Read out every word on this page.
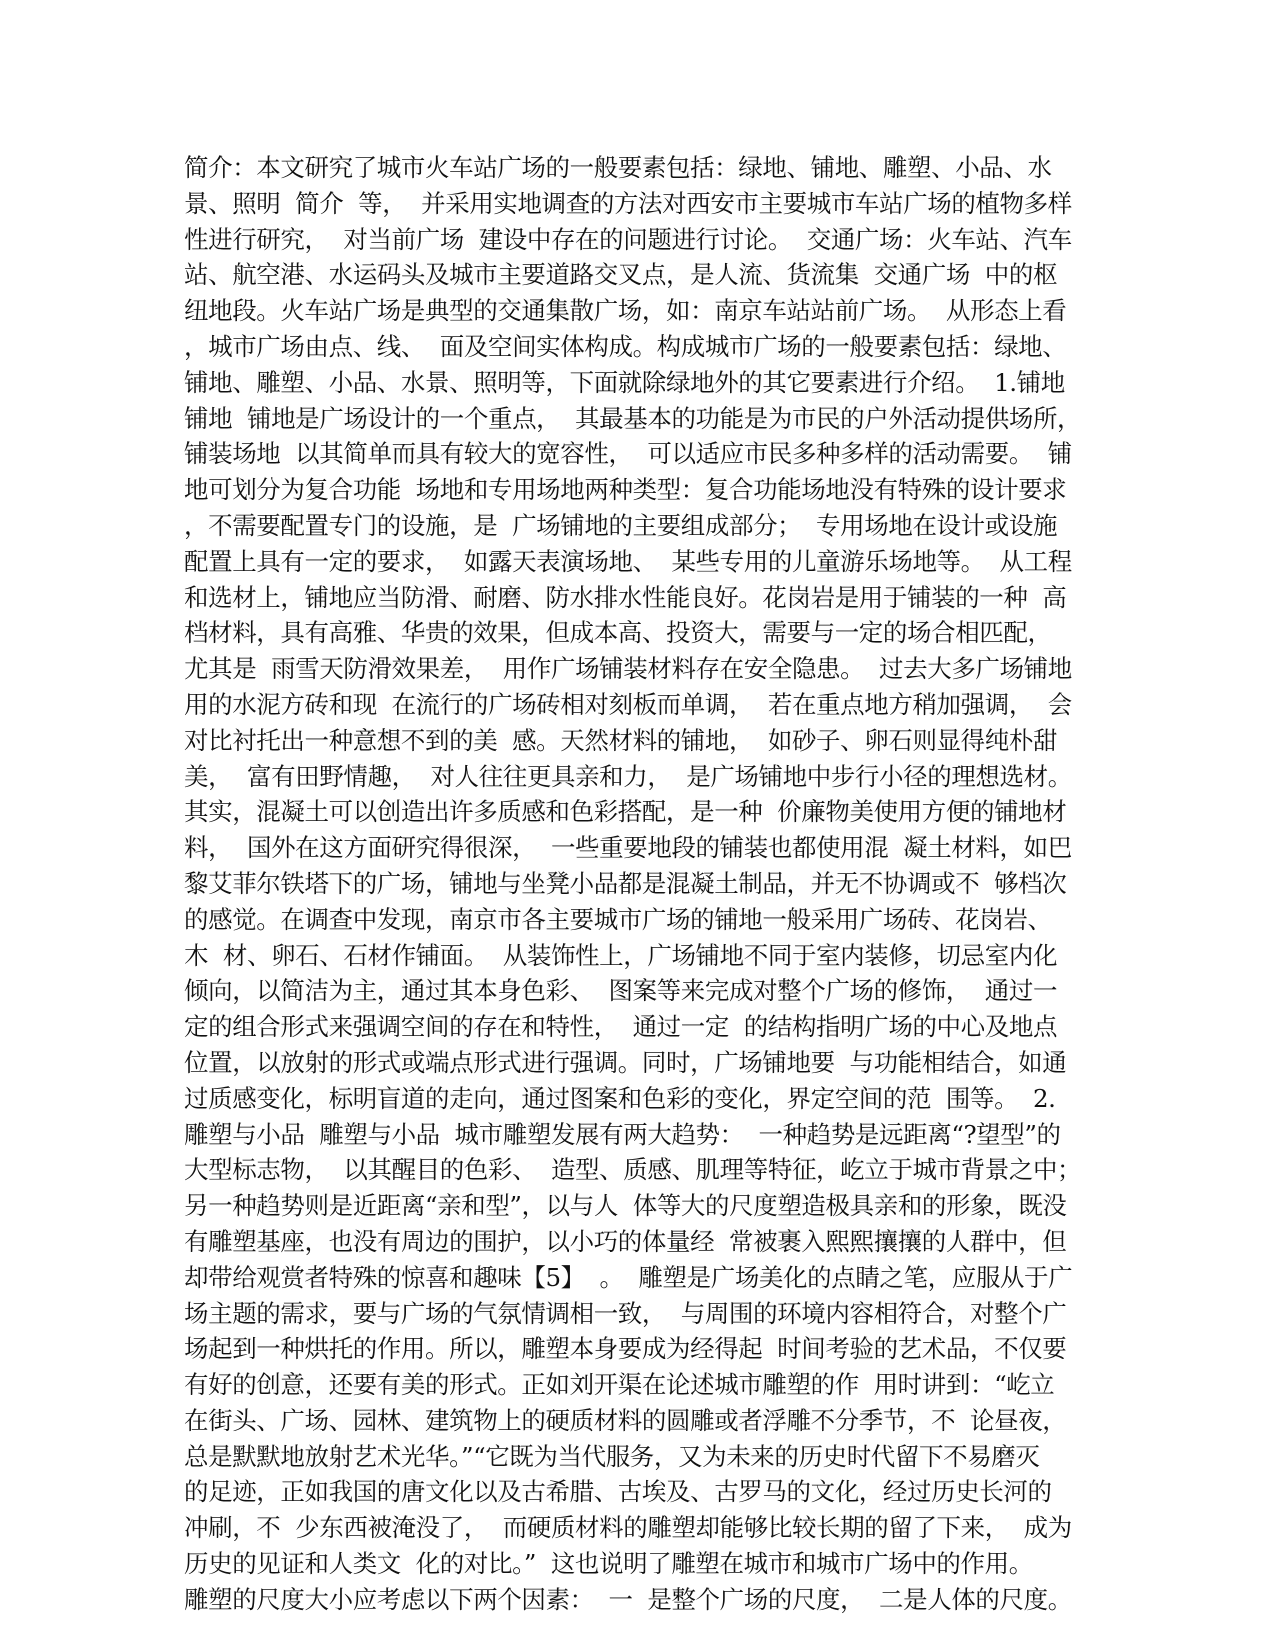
简介：本文研究了城市火车站广场的一般要素包括：绿地、铺地、雕塑、小品、水
景、照明  简介  等，  并采用实地调查的方法对西安市主要城市车站广场的植物多样
性进行研究，  对当前广场  建设中存在的问题进行讨论。  交通广场：火车站、汽车
站、航空港、水运码头及城市主要道路交叉点，是人流、货流集  交通广场  中的枢
纽地段。火车站广场是典型的交通集散广场，如：南京车站站前广场。  从形态上看
，城市广场由点、线、  面及空间实体构成。构成城市广场的一般要素包括：绿地、
铺地、雕塑、小品、水景、照明等，下面就除绿地外的其它要素进行介绍。  1.铺地
铺地  铺地是广场设计的一个重点，  其最基本的功能是为市民的户外活动提供场所，
铺装场地  以其简单而具有较大的宽容性，  可以适应市民多种多样的活动需要。  铺
地可划分为复合功能  场地和专用场地两种类型：复合功能场地没有特殊的设计要求
，不需要配置专门的设施，是  广场铺地的主要组成部分；  专用场地在设计或设施
配置上具有一定的要求，  如露天表演场地、  某些专用的儿童游乐场地等。  从工程
和选材上，铺地应当防滑、耐磨、防水排水性能良好。花岗岩是用于铺装的一种  高
档材料，具有高雅、华贵的效果，但成本高、投资大，需要与一定的场合相匹配，
尤其是  雨雪天防滑效果差，  用作广场铺装材料存在安全隐患。  过去大多广场铺地
用的水泥方砖和现  在流行的广场砖相对刻板而单调，  若在重点地方稍加强调，  会
对比衬托出一种意想不到的美  感。天然材料的铺地，  如砂子、卵石则显得纯朴甜
美，  富有田野情趣，  对人往往更具亲和力，  是广场铺地中步行小径的理想选材。
其实，混凝土可以创造出许多质感和色彩搭配，是一种  价廉物美使用方便的铺地材
料，  国外在这方面研究得很深，  一些重要地段的铺装也都使用混  凝土材料，如巴
黎艾菲尔铁塔下的广场，铺地与坐凳小品都是混凝土制品，并无不协调或不  够档次
的感觉。在调查中发现，南京市各主要城市广场的铺地一般采用广场砖、花岗岩、
木  材、卵石、石材作铺面。  从装饰性上，广场铺地不同于室内装修，切忌室内化
倾向，以简洁为主，通过其本身色彩、  图案等来完成对整个广场的修饰，  通过一
定的组合形式来强调空间的存在和特性，  通过一定  的结构指明广场的中心及地点
位置，以放射的形式或端点形式进行强调。同时，广场铺地要  与功能相结合，如通
过质感变化，标明盲道的走向，通过图案和色彩的变化，界定空间的范  围等。  2.
雕塑与小品  雕塑与小品  城市雕塑发展有两大趋势：  一种趋势是远距离“?望型”的
大型标志物，  以其醒目的色彩、  造型、质感、肌理等特征，屹立于城市背景之中；
另一种趋势则是近距离“亲和型”，以与人  体等大的尺度塑造极具亲和的形象，既没
有雕塑基座，也没有周边的围护，以小巧的体量经  常被裹入熙熙攘攘的人群中，但
却带给观赏者特殊的惊喜和趣味【5】  。  雕塑是广场美化的点睛之笔，应服从于广
场主题的需求，要与广场的气氛情调相一致，  与周围的环境内容相符合，对整个广
场起到一种烘托的作用。所以，雕塑本身要成为经得起  时间考验的艺术品，不仅要
有好的创意，还要有美的形式。正如刘开渠在论述城市雕塑的作  用时讲到：“屹立
在街头、广场、园林、建筑物上的硬质材料的圆雕或者浮雕不分季节，不  论昼夜，
总是默默地放射艺术光华。”“它既为当代服务，又为未来的历史时代留下不易磨灭
的足迹，正如我国的唐文化以及古希腊、古埃及、古罗马的文化，经过历史长河的
冲刷，不  少东西被淹没了，  而硬质材料的雕塑却能够比较长期的留了下来，  成为
历史的见证和人类文  化的对比。”  这也说明了雕塑在城市和城市广场中的作用。
雕塑的尺度大小应考虑以下两个因素：  一  是整个广场的尺度，  二是人体的尺度。
